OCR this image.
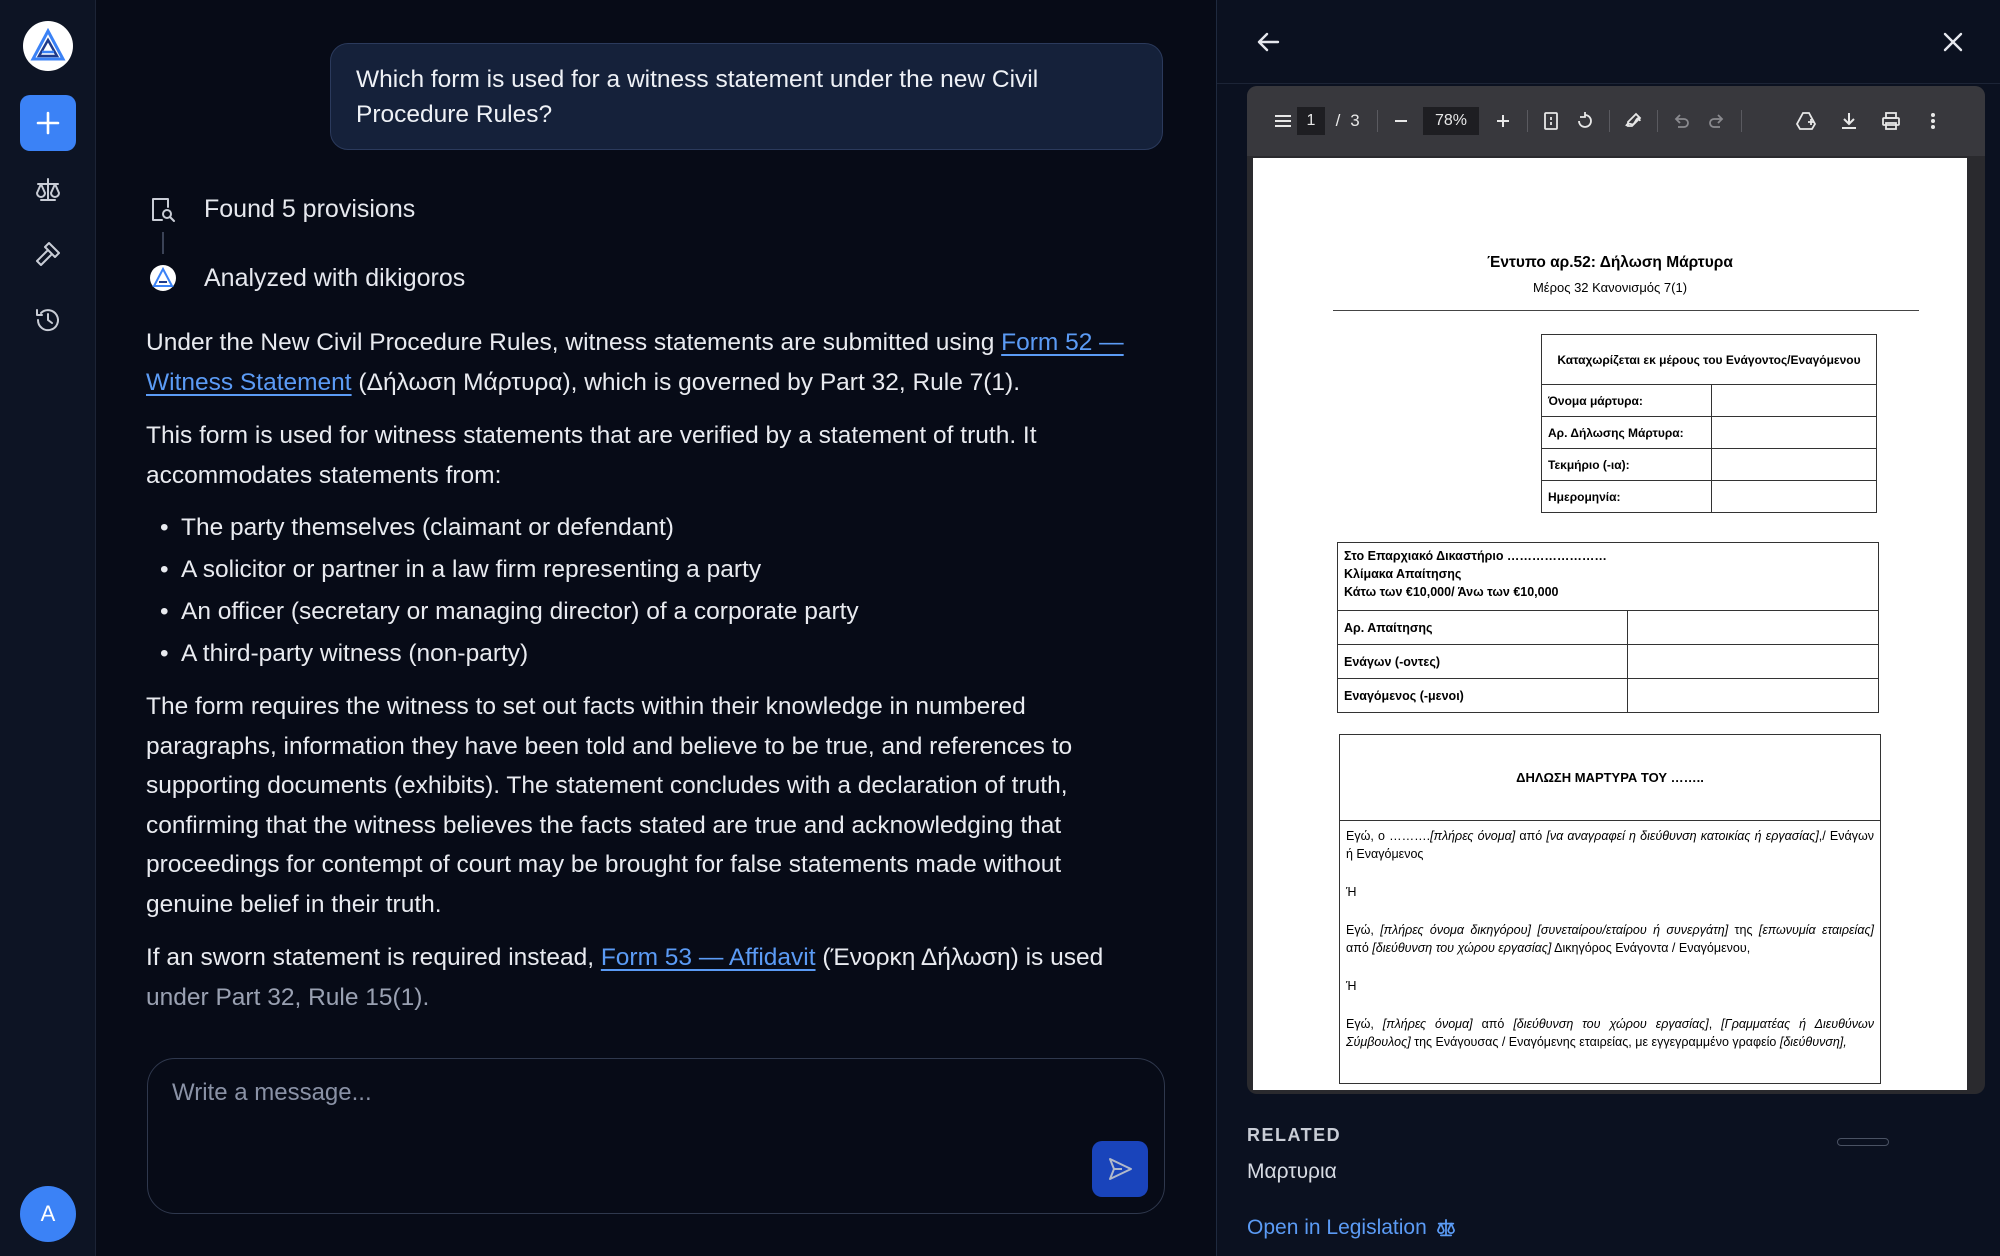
A
Which form is used for a witness statement under the new Civil Procedure Rules?
Found 5 provisions
Analyzed with dikigoros

Under the New Civil Procedure Rules, witness statements are submitted using Form 52 — Witness Statement (Δήλωση Μάρτυρα), which is governed by Part 32, Rule 7(1).

This form is used for witness statements that are verified by a statement of truth. It accommodates statements from:

• The party themselves (claimant or defendant)
• A solicitor or partner in a law firm representing a party
• An officer (secretary or managing director) of a corporate party
• A third-party witness (non-party)

The form requires the witness to set out facts within their knowledge in numbered paragraphs, information they have been told and believe to be true, and references to supporting documents (exhibits). The statement concludes with a declaration of truth, confirming that the witness believes the facts stated are true and acknowledging that proceedings for contempt of court may be brought for false statements made without genuine belief in their truth.

If an sworn statement is required instead, Form 53 — Affidavit (Ένορκη Δήλωση) is used
under Part 32, Rule 15(1).

Write a message...
1	/ 3	78%
Έντυπο αρ.52: Δήλωση Μάρτυρα
Μέρος 32 Κανονισμός 7(1)
Καταχωρίζεται εκ μέρους του Ενάγοντος/Εναγόμενου	
Όνομα μάρτυρα:	
Αρ. Δήλωσης Μάρτυρα:	
Τεκμήριο (-ια):	
Ημερομηνία:	
Στο Επαρχιακό Δικαστήριο ……………………
Κλίμακα Απαίτησης
Κάτω των €10,000/ Άνω των €10,000	

Αρ. Απαίτησης	
Ενάγων (-οντες)	
Εναγόμενος (-μενοι)	
ΔΗΛΩΣΗ ΜΑΡΤΥΡΑ ΤΟΥ ……..

Εγώ, ο ……….[πλήρες όνομα] από [να αναγραφεί η διεύθυνση κατοικίας ή εργασίας],/ Ενάγων ή Εναγόμενος

Ή

Εγώ, [πλήρες όνομα δικηγόρου] [συνεταίρου/εταίρου ή συνεργάτη] της [επωνυμία εταιρείας] από [διεύθυνση του χώρου εργασίας] Δικηγόρος Ενάγοντα / Εναγόμενου,

Ή

Εγώ, [πλήρες όνομα] από [διεύθυνση του χώρου εργασίας], [Γραμματέας ή Διευθύνων Σύμβουλος] της Ενάγουσας / Εναγόμενης εταιρείας, με εγγεγραμμένο γραφείο [διεύθυνση],

RELATED
Μαρτυρια
Open in Legislation
